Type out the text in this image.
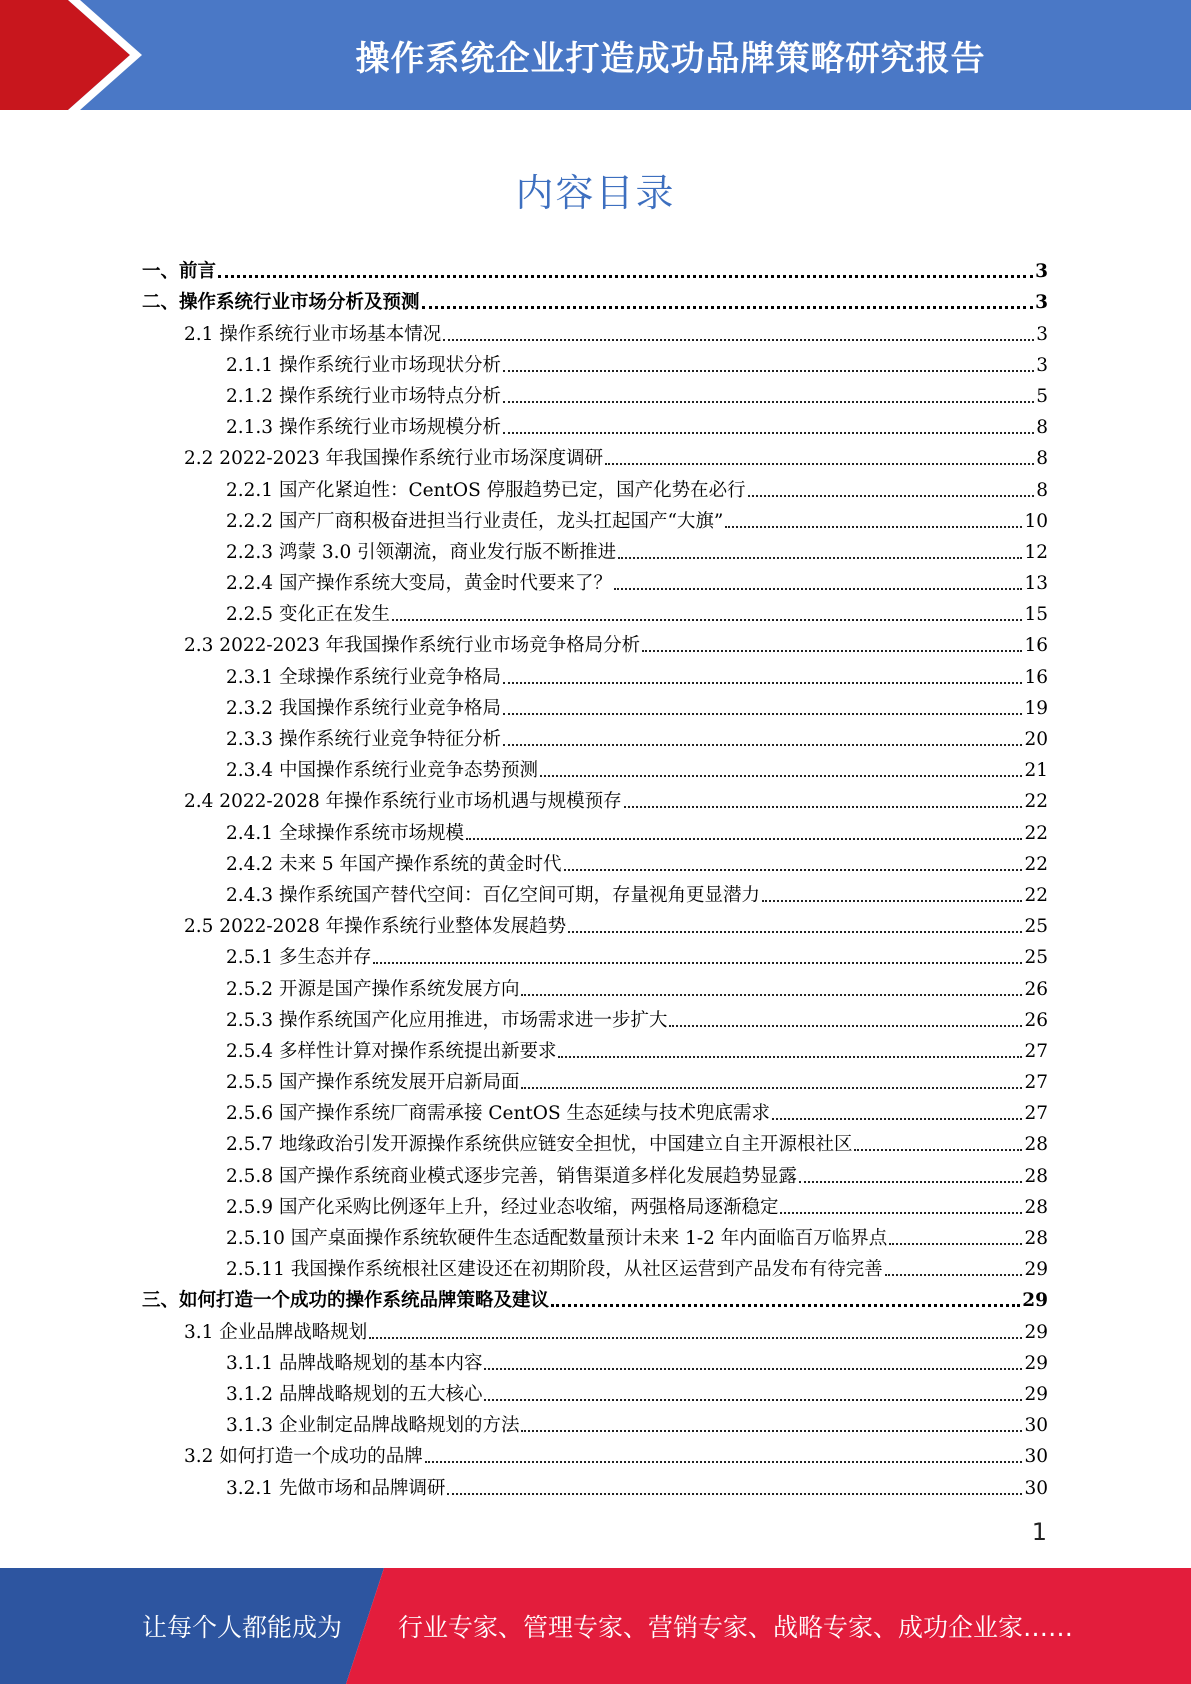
操作系统企业打造成功品牌策略研究报告
内容目录
一、前言	3
二、操作系统行业市场分析及预测	3
2.1 操作系统行业市场基本情况	3
2.1.1 操作系统行业市场现状分析	3
2.1.2 操作系统行业市场特点分析	5
2.1.3 操作系统行业市场规模分析	8
2.2 2022-2023 年我国操作系统行业市场深度调研	8
2.2.1 国产化紧迫性：CentOS 停服趋势已定，国产化势在必行	8
2.2.2 国产厂商积极奋进担当行业责任，龙头扛起国产“大旗”	10
2.2.3 鸿蒙 3.0 引领潮流，商业发行版不断推进	12
2.2.4 国产操作系统大变局，黄金时代要来了？	13
2.2.5 变化正在发生	15
2.3 2022-2023 年我国操作系统行业市场竞争格局分析	16
2.3.1 全球操作系统行业竞争格局	16
2.3.2 我国操作系统行业竞争格局	19
2.3.3 操作系统行业竞争特征分析	20
2.3.4 中国操作系统行业竞争态势预测	21
2.4 2022-2028 年操作系统行业市场机遇与规模预存	22
2.4.1 全球操作系统市场规模	22
2.4.2 未来 5 年国产操作系统的黄金时代	22
2.4.3 操作系统国产替代空间：百亿空间可期，存量视角更显潜力	22
2.5 2022-2028 年操作系统行业整体发展趋势	25
2.5.1 多生态并存	25
2.5.2 开源是国产操作系统发展方向	26
2.5.3 操作系统国产化应用推进，市场需求进一步扩大	26
2.5.4 多样性计算对操作系统提出新要求	27
2.5.5 国产操作系统发展开启新局面	27
2.5.6 国产操作系统厂商需承接 CentOS 生态延续与技术兜底需求	27
2.5.7 地缘政治引发开源操作系统供应链安全担忧，中国建立自主开源根社区	28
2.5.8 国产操作系统商业模式逐步完善，销售渠道多样化发展趋势显露	28
2.5.9 国产化采购比例逐年上升，经过业态收缩，两强格局逐渐稳定	28
2.5.10 国产桌面操作系统软硬件生态适配数量预计未来 1-2 年内面临百万临界点	28
2.5.11 我国操作系统根社区建设还在初期阶段，从社区运营到产品发布有待完善	29
三、如何打造一个成功的操作系统品牌策略及建议	29
3.1 企业品牌战略规划	29
3.1.1 品牌战略规划的基本内容	29
3.1.2 品牌战略规划的五大核心	29
3.1.3 企业制定品牌战略规划的方法	30
3.2 如何打造一个成功的品牌	30
3.2.1 先做市场和品牌调研	30
1
让每个人都能成为 行业专家、管理专家、营销专家、战略专家、成功企业家……
